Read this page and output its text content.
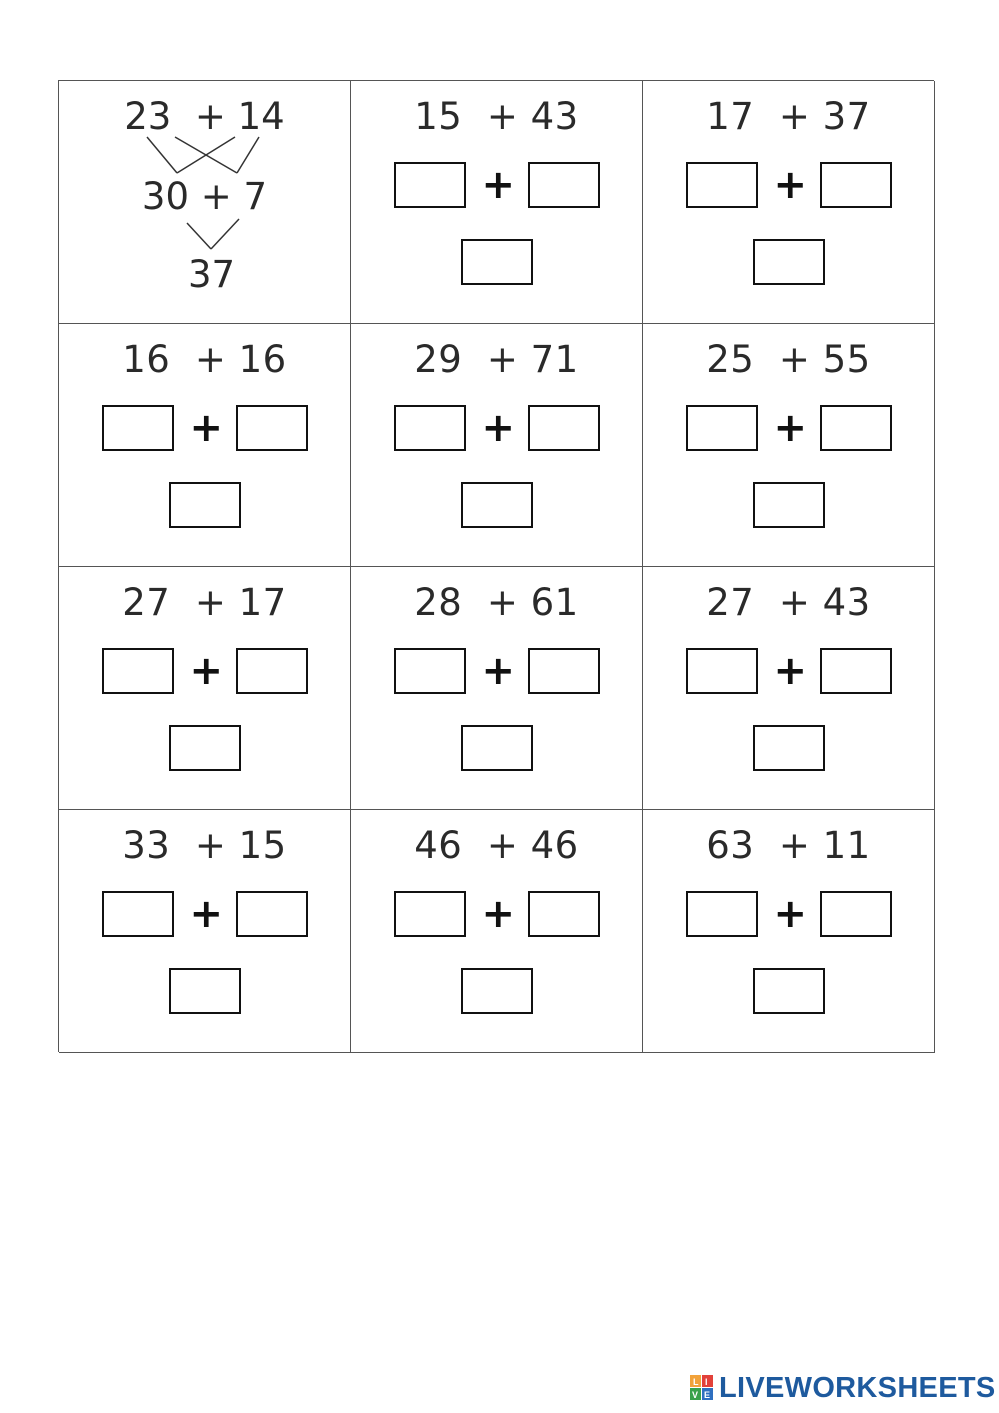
23  + 14
30 + 7
37
15  + 43
+
17  + 37
+
16  + 16
+
29  + 71
+
25  + 55
+
27  + 17
+
28  + 61
+
27  + 43
+
33  + 15
+
46  + 46
+
63  + 11
+
L I
V E LIVEWORKSHEETS
